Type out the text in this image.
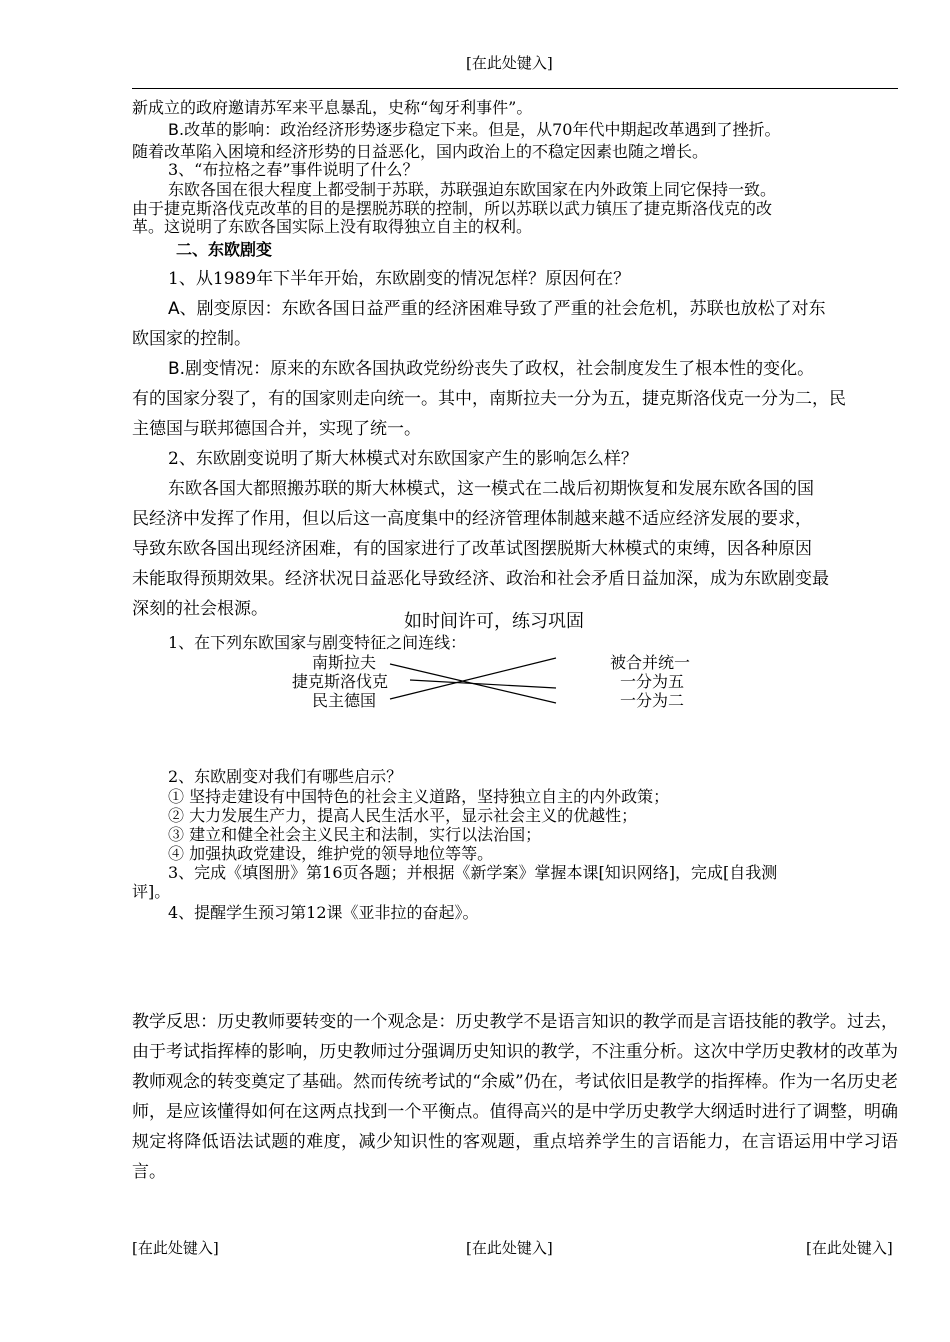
[在此处键入]
新成立的政府邀请苏军来平息暴乱，史称“匈牙利事件”。
B.改革的影响：政治经济形势逐步稳定下来。但是，从70年代中期起改革遇到了挫折。
随着改革陷入困境和经济形势的日益恶化，国内政治上的不稳定因素也随之增长。
3、“布拉格之春”事件说明了什么？
东欧各国在很大程度上都受制于苏联，苏联强迫东欧国家在内外政策上同它保持一致。
由于捷克斯洛伐克改革的目的是摆脱苏联的控制，所以苏联以武力镇压了捷克斯洛伐克的改
革。这说明了东欧各国实际上没有取得独立自主的权利。
二、东欧剧变
1、从1989年下半年开始，东欧剧变的情况怎样？原因何在？
A、剧变原因：东欧各国日益严重的经济困难导致了严重的社会危机，苏联也放松了对东
欧国家的控制。
B.剧变情况：原来的东欧各国执政党纷纷丧失了政权，社会制度发生了根本性的变化。
有的国家分裂了，有的国家则走向统一。其中，南斯拉夫一分为五，捷克斯洛伐克一分为二，民
主德国与联邦德国合并，实现了统一。
2、东欧剧变说明了斯大林模式对东欧国家产生的影响怎么样？
东欧各国大都照搬苏联的斯大林模式，这一模式在二战后初期恢复和发展东欧各国的国
民经济中发挥了作用，但以后这一高度集中的经济管理体制越来越不适应经济发展的要求，
导致东欧各国出现经济困难，有的国家进行了改革试图摆脱斯大林模式的束缚，因各种原因
未能取得预期效果。经济状况日益恶化导致经济、政治和社会矛盾日益加深，成为东欧剧变最
深刻的社会根源。
如时间许可，练习巩固
1、在下列东欧国家与剧变特征之间连线：
南斯拉夫
捷克斯洛伐克
民主德国
被合并统一
一分为五
一分为二
2、东欧剧变对我们有哪些启示？
① 坚持走建设有中国特色的社会主义道路，坚持独立自主的内外政策；
② 大力发展生产力，提高人民生活水平，显示社会主义的优越性；
③ 建立和健全社会主义民主和法制，实行以法治国；
④ 加强执政党建设，维护党的领导地位等等。
3、完成《填图册》第16页各题；并根据《新学案》掌握本课[知识网络]，完成[自我测
评]。
4、提醒学生预习第12课《亚非拉的奋起》。
教学反思：历史教师要转变的一个观念是：历史教学不是语言知识的教学而是言语技能的教学。过去，由于考试指挥棒的影响，历史教师过分强调历史知识的教学，不注重分析。这次中学历史教材的改革为教师观念的转变奠定了基础。然而传统考试的“余威”仍在，考试依旧是教学的指挥棒。作为一名历史老师，是应该懂得如何在这两点找到一个平衡点。值得高兴的是中学历史教学大纲适时进行了调整，明确规定将降低语法试题的难度，减少知识性的客观题，重点培养学生的言语能力，在言语运用中学习语言。
[在此处键入]	[在此处键入]	[在此处键入]
